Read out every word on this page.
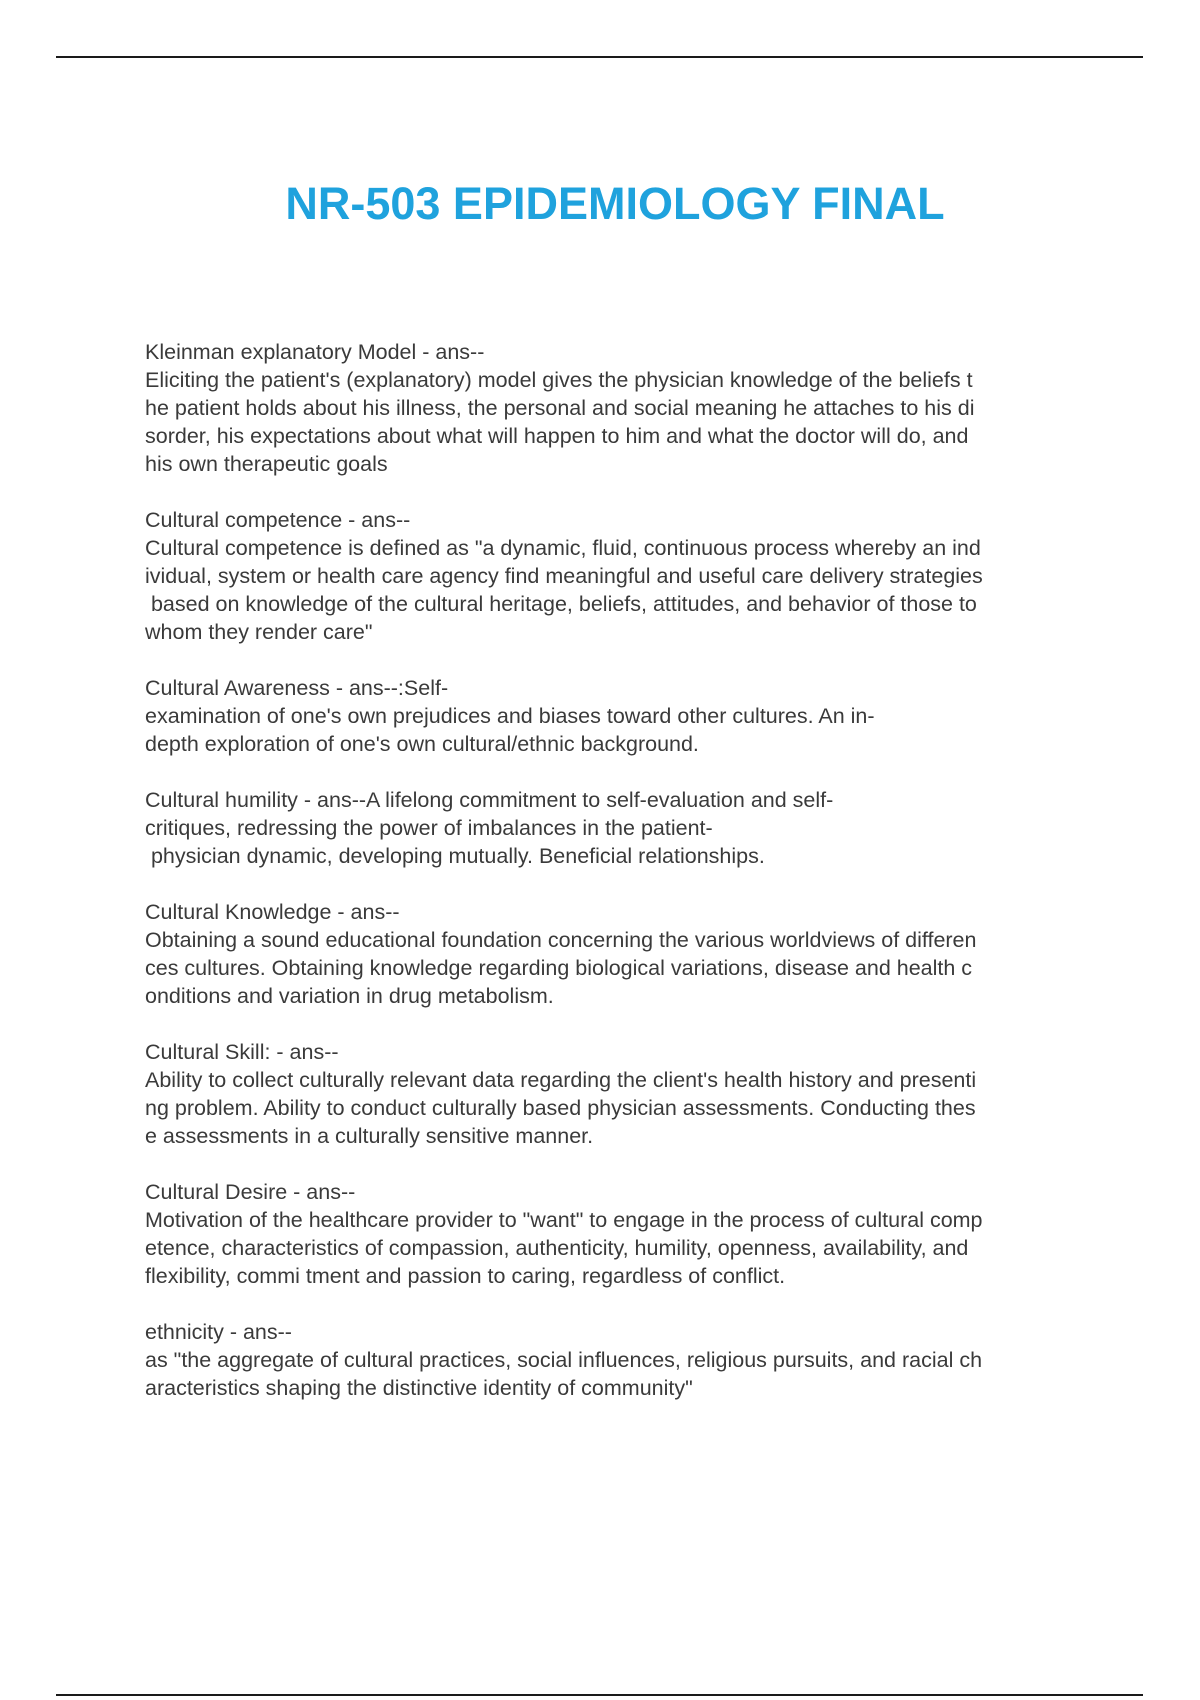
NR-503 EPIDEMIOLOGY FINAL
Kleinman explanatory Model - ans--
Eliciting the patient's (explanatory) model gives the physician knowledge of the beliefs t
he patient holds about his illness, the personal and social meaning he attaches to his di
sorder, his expectations about what will happen to him and what the doctor will do, and
his own therapeutic goals
Cultural competence - ans--
Cultural competence is defined as "a dynamic, fluid, continuous process whereby an ind
ividual, system or health care agency find meaningful and useful care delivery strategies
based on knowledge of the cultural heritage, beliefs, attitudes, and behavior of those to
whom they render care"
Cultural Awareness - ans--:Self-
examination of one's own prejudices and biases toward other cultures. An in-
depth exploration of one's own cultural/ethnic background.
Cultural humility - ans--A lifelong commitment to self-evaluation and self-
critiques, redressing the power of imbalances in the patient-
physician dynamic, developing mutually. Beneficial relationships.
Cultural Knowledge - ans--
Obtaining a sound educational foundation concerning the various worldviews of differen
ces cultures. Obtaining knowledge regarding biological variations, disease and health c
onditions and variation in drug metabolism.
Cultural Skill: - ans--
Ability to collect culturally relevant data regarding the client's health history and presenti
ng problem. Ability to conduct culturally based physician assessments. Conducting thes
e assessments in a culturally sensitive manner.
Cultural Desire - ans--
Motivation of the healthcare provider to "want" to engage in the process of cultural comp
etence, characteristics of compassion, authenticity, humility, openness, availability, and
flexibility, commi tment and passion to caring, regardless of conflict.
ethnicity - ans--
as "the aggregate of cultural practices, social influences, religious pursuits, and racial ch
aracteristics shaping the distinctive identity of community"
